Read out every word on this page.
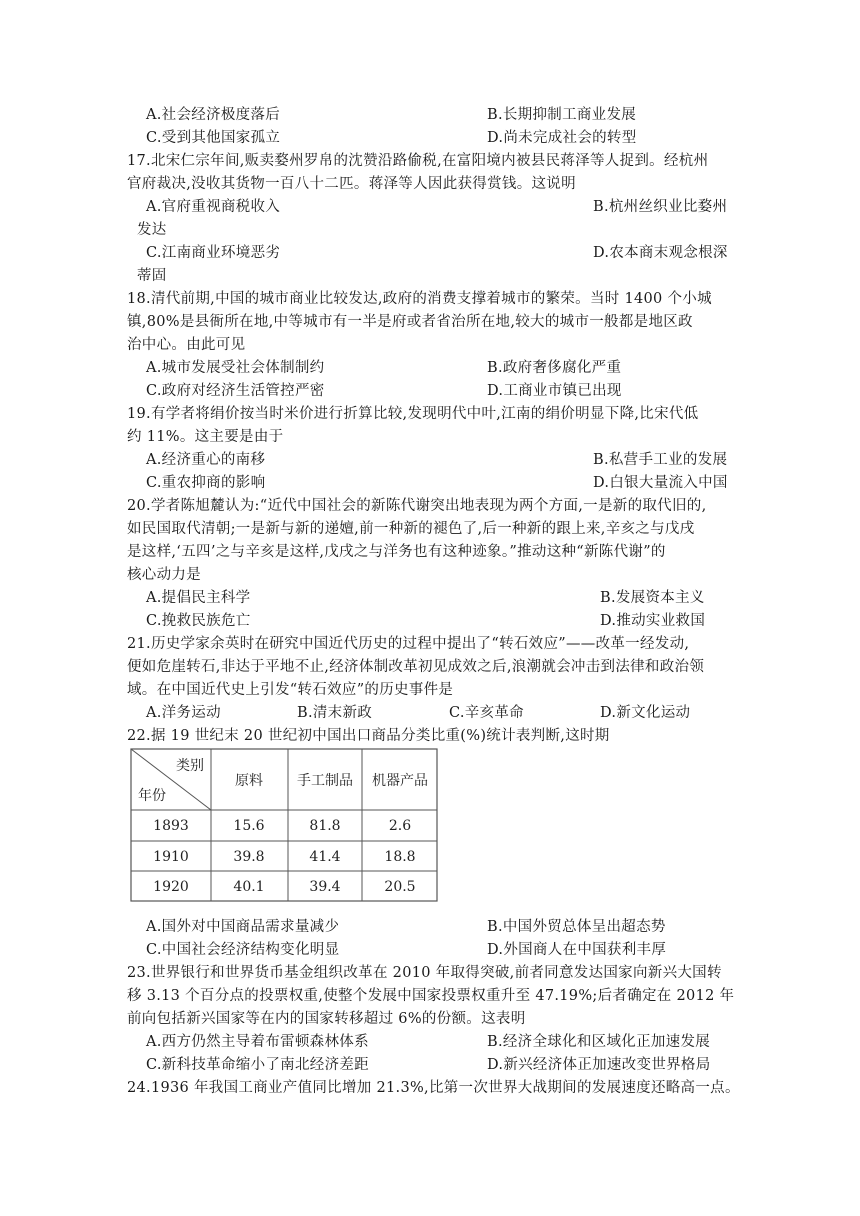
A.社会经济极度落后	B.长期抑制工商业发展
C.受到其他国家孤立	D.尚未完成社会的转型
17.北宋仁宗年间,贩卖婺州罗帛的沈赞沿路偷税,在富阳境内被县民蒋泽等人捉到。经杭州
官府裁决,没收其货物一百八十二匹。蒋泽等人因此获得赏钱。这说明
A.官府重视商税收入	B.杭州丝织业比婺州
发达
C.江南商业环境恶劣	D.农本商末观念根深
蒂固
18.清代前期,中国的城市商业比较发达,政府的消费支撑着城市的繁荣。当时 1400 个小城
镇,80%是县衙所在地,中等城市有一半是府或者省治所在地,较大的城市一般都是地区政
治中心。由此可见
A.城市发展受社会体制制约	B.政府奢侈腐化严重
C.政府对经济生活管控严密	D.工商业市镇已出现
19.有学者将绢价按当时米价进行折算比较,发现明代中叶,江南的绢价明显下降,比宋代低
约 11%。这主要是由于
A.经济重心的南移	B.私营手工业的发展
C.重农抑商的影响	D.白银大量流入中国
20.学者陈旭麓认为:“近代中国社会的新陈代谢突出地表现为两个方面,一是新的取代旧的,
如民国取代清朝;一是新与新的递嬗,前一种新的褪色了,后一种新的跟上来,辛亥之与戊戌
是这样,‘五四’之与辛亥是这样,戊戌之与洋务也有这种迹象。”推动这种“新陈代谢”的
核心动力是
A.提倡民主科学	B.发展资本主义
C.挽救民族危亡	D.推动实业救国
21.历史学家余英时在研究中国近代历史的过程中提出了“转石效应”——改革一经发动,
便如危崖转石,非达于平地不止,经济体制改革初见成效之后,浪潮就会冲击到法律和政治领
域。在中国近代史上引发“转石效应”的历史事件是
A.洋务运动	B.清末新政	C.辛亥革命	D.新文化运动
22.据 19 世纪末 20 世纪初中国出口商品分类比重(%)统计表判断,这时期
类别
年份
原料 手工制品 机器产品
1893	15.6	81.8	2.6
1910	39.8	41.4	18.8
1920	40.1	39.4	20.5
A.国外对中国商品需求量减少	B.中国外贸总体呈出超态势
C.中国社会经济结构变化明显	D.外国商人在中国获利丰厚
23.世界银行和世界货币基金组织改革在 2010 年取得突破,前者同意发达国家向新兴大国转
移 3.13 个百分点的投票权重,使整个发展中国家投票权重升至 47.19%;后者确定在 2012 年
前向包括新兴国家等在内的国家转移超过 6%的份额。这表明
A.西方仍然主导着布雷顿森林体系	B.经济全球化和区域化正加速发展
C.新科技革命缩小了南北经济差距	D.新兴经济体正加速改变世界格局
24.1936 年我国工商业产值同比增加 21.3%,比第一次世界大战期间的发展速度还略高一点。
